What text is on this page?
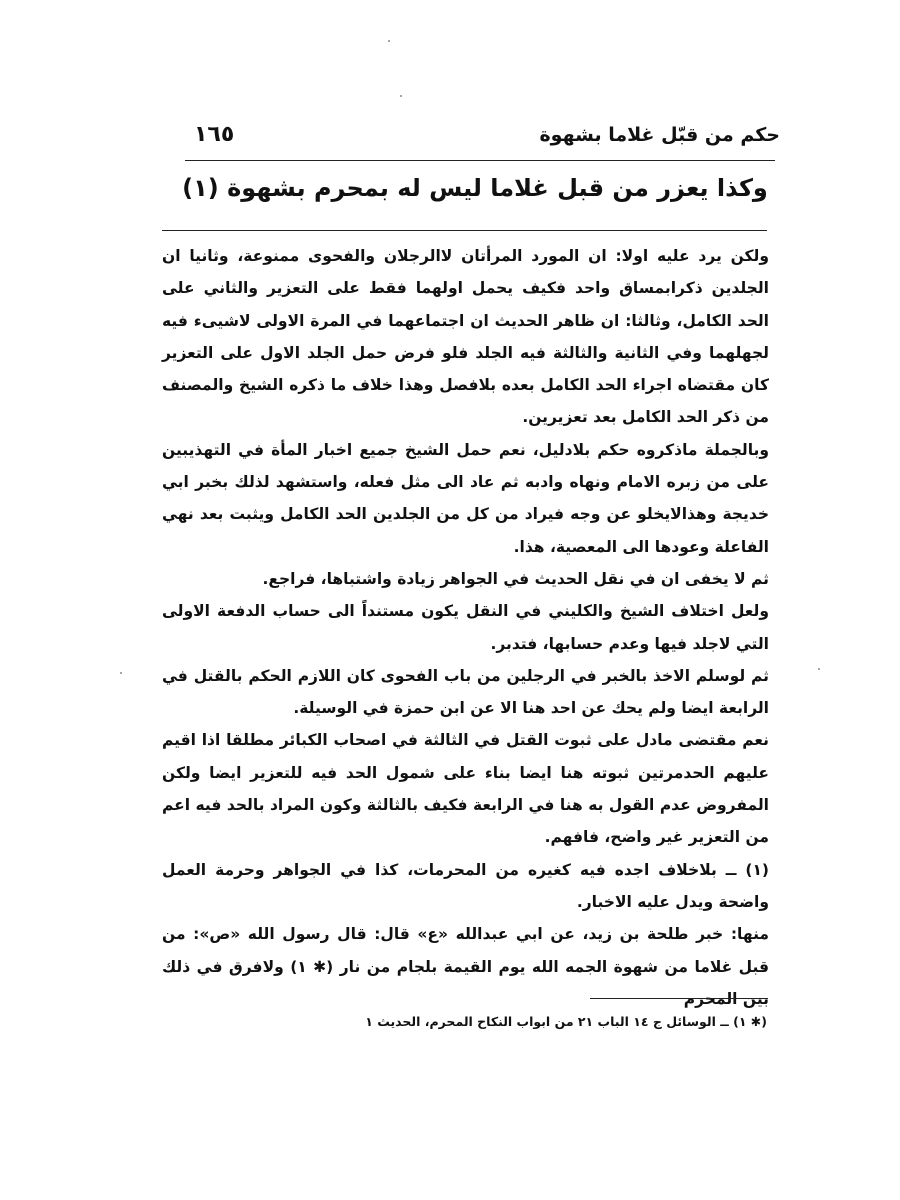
حكم من قبّل غلاما بشهوة
١٦٥
وكذا يعزر من قبل غلاما ليس له بمحرم بشهوة (١)

ولكن يرد عليه اولا: ان المورد المرأتان لاالرجلان والفحوى ممنوعة، وثانيا ان الجلدين ذكرابمساق واحد فكيف يحمل اولهما فقط على التعزير والثاني على الحد الكامل، وثالثا: ان ظاهر الحديث ان اجتماعهما في المرة الاولى لاشيىء فيه لجهلهما وفي الثانية والثالثة فيه الجلد فلو فرض حمل الجلد الاول على التعزير كان مقتضاه اجراء الحد الكامل بعده بلافصل وهذا خلاف ما ذكره الشيخ والمصنف من ذكر الحد الكامل بعد تعزيرين.

وبالجملة ماذكروه حكم بلادليل، نعم حمل الشيخ جميع اخبار المأة في التهذيبين على من زبره الامام ونهاه وادبه ثم عاد الى مثل فعله، واستشهد لذلك بخبر ابي خديجة وهذالايخلو عن وجه فيراد من كل من الجلدين الحد الكامل ويثبت بعد نهي الفاعلة وعودها الى المعصية، هذا.

ثم لا يخفى ان في نقل الحديث في الجواهر زيادة واشتباها، فراجع.

ولعل اختلاف الشيخ والكليني في النقل يكون مستنداً الى حساب الدفعة الاولى التي لاجلد فيها وعدم حسابها، فتدبر.

ثم لوسلم الاخذ بالخبر في الرجلين من باب الفحوى كان اللازم الحكم بالقتل في الرابعة ايضا ولم يحك عن احد هنا الا عن ابن حمزة في الوسيلة.

نعم مقتضى مادل على ثبوت القتل في الثالثة في اصحاب الكبائر مطلقا اذا اقيم عليهم الحدمرتين ثبوته هنا ايضا بناء على شمول الحد فيه للتعزير ايضا ولكن المفروض عدم القول به هنا في الرابعة فكيف بالثالثة وكون المراد بالحد فيه اعم من التعزير غير واضح، فافهم.

(١) ــ بلاخلاف اجده فيه كغيره من المحرمات، كذا في الجواهر وحرمة العمل واضحة ويدل عليه الاخبار.

منها: خبر طلحة بن زيد، عن ابي عبدالله «ع» قال: قال رسول الله «ص»: من قبل غلاما من شهوة الجمه الله يوم القيمة بلجام من نار (✱ ١) ولافرق في ذلك بين المحرم

(✱ ١) ــ الوسائل ج ١٤ الباب ٢١ من ابواب النكاح المحرم، الحديث ١
